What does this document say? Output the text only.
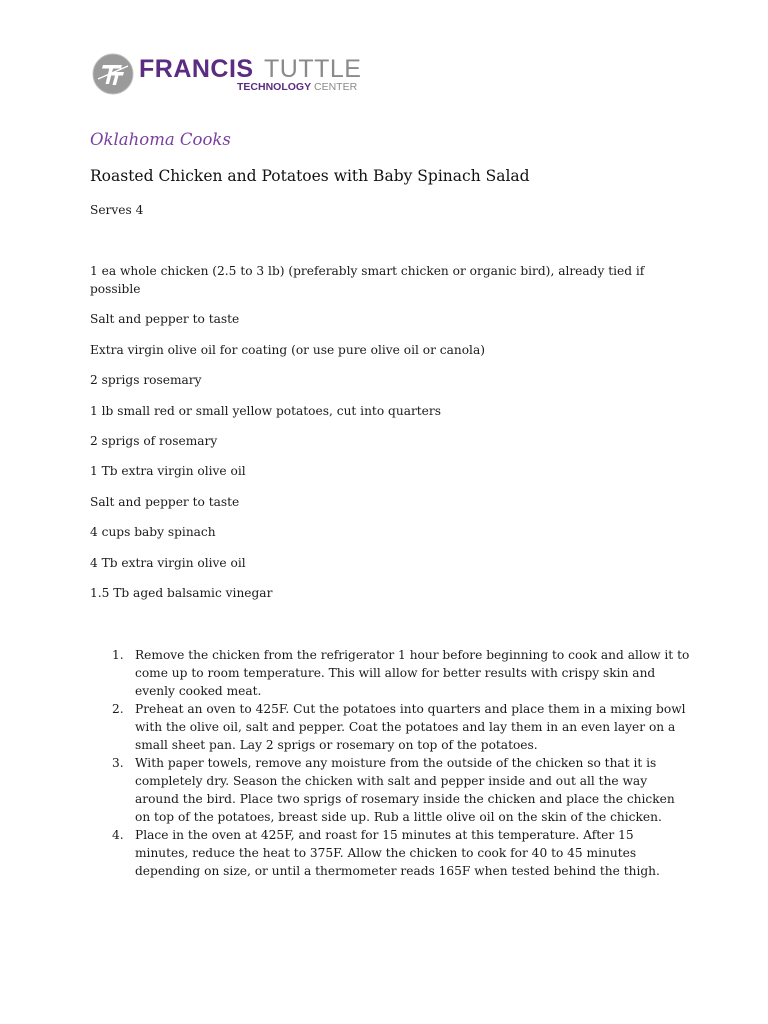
FRANCIS TUTTLE
TECHNOLOGY CENTER
Oklahoma Cooks
Roasted Chicken and Potatoes with Baby Spinach Salad
Serves 4
1 ea whole chicken (2.5 to 3 lb) (preferably smart chicken or organic bird), already tied if possible
Salt and pepper to taste
Extra virgin olive oil for coating (or use pure olive oil or canola)
2 sprigs rosemary
1 lb small red or small yellow potatoes, cut into quarters
2 sprigs of rosemary
1 Tb extra virgin olive oil
Salt and pepper to taste
4 cups baby spinach
4 Tb extra virgin olive oil
1.5 Tb aged balsamic vinegar
1. Remove the chicken from the refrigerator 1 hour before beginning to cook and allow it to come up to room temperature. This will allow for better results with crispy skin and evenly cooked meat.
2. Preheat an oven to 425F. Cut the potatoes into quarters and place them in a mixing bowl with the olive oil, salt and pepper. Coat the potatoes and lay them in an even layer on a small sheet pan. Lay 2 sprigs or rosemary on top of the potatoes.
3. With paper towels, remove any moisture from the outside of the chicken so that it is completely dry. Season the chicken with salt and pepper inside and out all the way around the bird. Place two sprigs of rosemary inside the chicken and place the chicken on top of the potatoes, breast side up. Rub a little olive oil on the skin of the chicken.
4. Place in the oven at 425F, and roast for 15 minutes at this temperature. After 15 minutes, reduce the heat to 375F. Allow the chicken to cook for 40 to 45 minutes depending on size, or until a thermometer reads 165F when tested behind the thigh.
